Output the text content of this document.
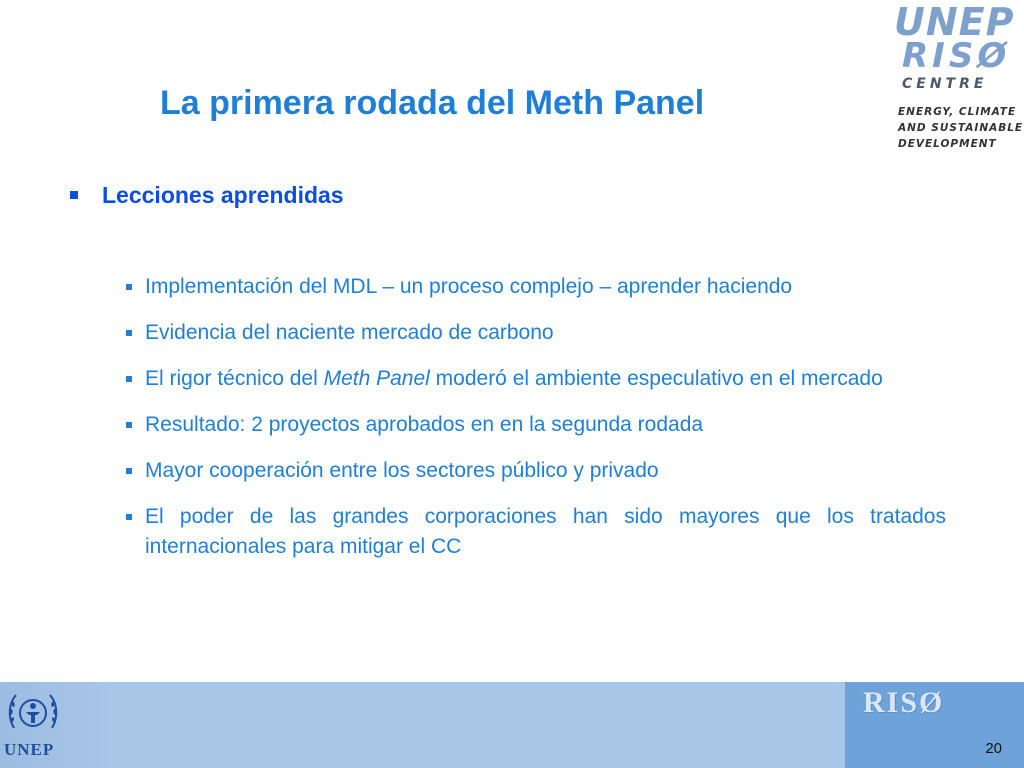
UNEP
RISØ
CENTRE
ENERGY, CLIMATE
AND SUSTAINABLE
DEVELOPMENT
La primera rodada del Meth Panel
Lecciones aprendidas
Implementación del MDL – un proceso complejo – aprender haciendo
Evidencia del naciente mercado de carbono
El rigor técnico del Meth Panel moderó el ambiente especulativo en el mercado
Resultado: 2 proyectos aprobados en en la segunda rodada
Mayor cooperación entre los sectores público y privado
El poder de las grandes corporaciones han sido mayores que los tratados internacionales para mitigar el CC
UNEP
RISØ
20
